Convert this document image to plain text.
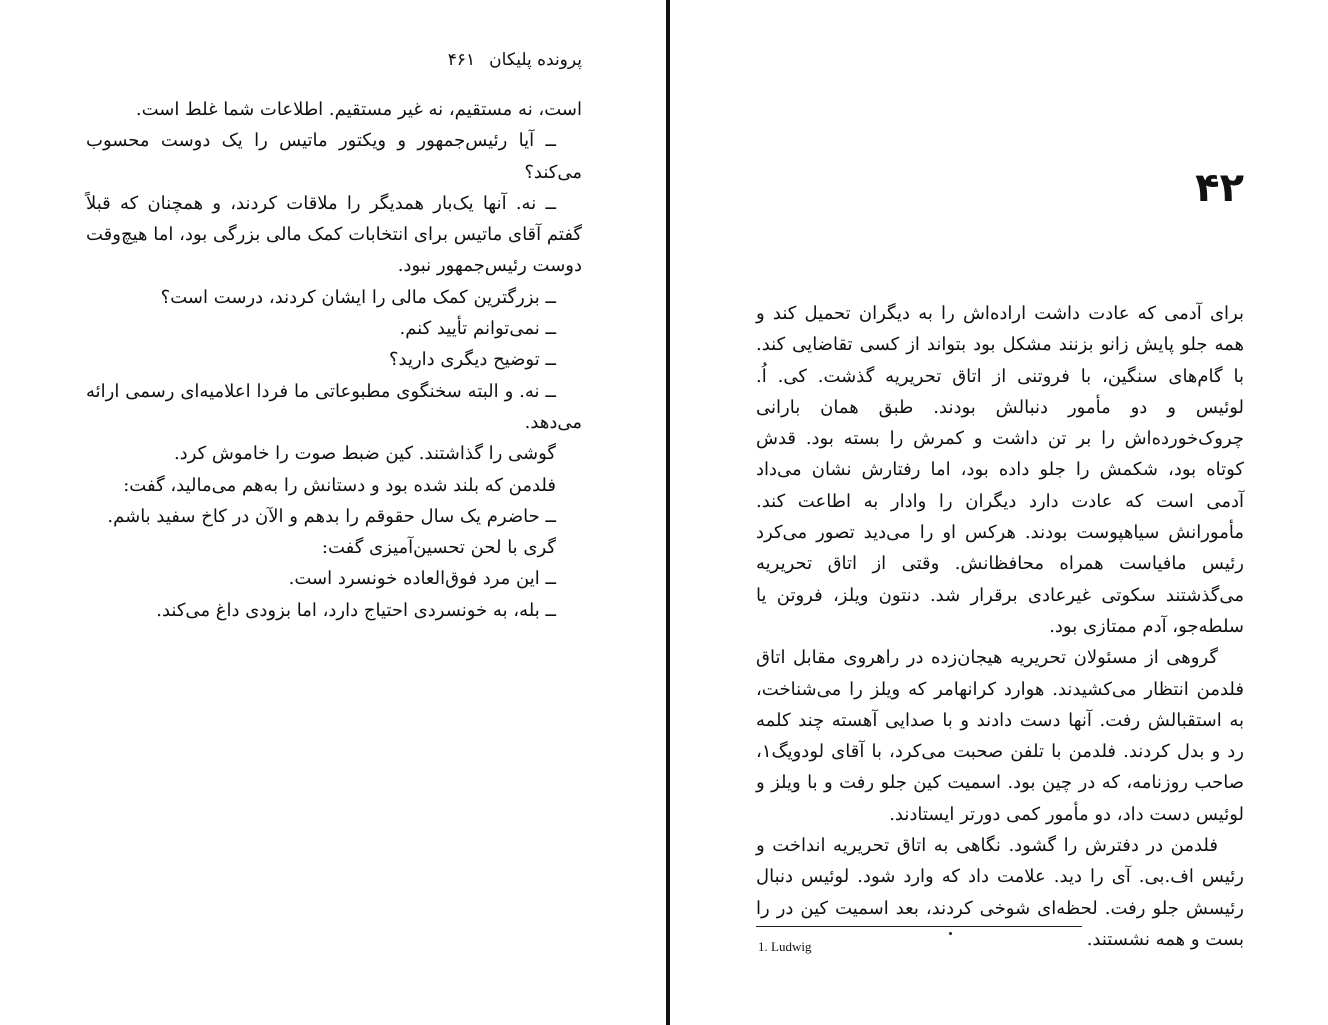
پرونده پلیکان۴۶۱

است، نه مستقیم، نه غیر مستقیم. اطلاعات شما غلط است.

ــ آیا رئیس‌جمهور و ویکتور ماتیس را یک دوست محسوب می‌کند؟

ــ نه. آنها یک‌بار همدیگر را ملاقات کردند، و همچنان که قبلاً گفتم آقای ماتیس برای انتخابات کمک مالی بزرگی بود، اما هیچ‌وقت دوست رئیس‌جمهور نبود.

ــ بزرگترین کمک مالی را ایشان کردند، درست است؟

ــ نمی‌توانم تأیید کنم.

ــ توضیح دیگری دارید؟

ــ نه. و البته سخنگوی مطبوعاتی ما فردا اعلامیه‌ای رسمی ارائه می‌دهد.

گوشی را گذاشتند. کین ضبط صوت را خاموش کرد.

فلدمن که بلند شده بود و دستانش را به‌هم می‌مالید، گفت:

ــ حاضرم یک سال حقوقم را بدهم و الآن در کاخ سفید باشم.

گری با لحن تحسین‌آمیزی گفت:

ــ این مرد فوق‌العاده خونسرد است.

ــ بله، به خونسردی احتیاج دارد، اما بزودی داغ می‌کند.

۴۲

برای آدمی که عادت داشت اراده‌اش را به دیگران تحمیل کند و همه جلو پایش زانو بزنند مشکل بود بتواند از کسی تقاضایی کند. با گام‌های سنگین، با فروتنی از اتاق تحریریه گذشت. کی. اُ. لوئیس و دو مأمور دنبالش بودند. طبق همان بارانی چروک‌خورده‌اش را بر تن داشت و کمرش را بسته بود. قدش کوتاه بود، شکمش را جلو داده بود، اما رفتارش نشان می‌داد آدمی است که عادت دارد دیگران را وادار به اطاعت کند. مأمورانش سیاهپوست بودند. هرکس او را می‌دید تصور می‌کرد رئیس مافیاست همراه محافظانش. وقتی از اتاق تحریریه می‌گذشتند سکوتی غیرعادی برقرار شد. دنتون ویلز، فروتن یا سلطه‌جو، آدم ممتازی بود.

گروهی از مسئولان تحریریه هیجان‌زده در راهروی مقابل اتاق فلدمن انتظار می‌کشیدند. هوارد کرانهامر که ویلز را می‌شناخت، به استقبالش رفت. آنها دست دادند و با صدایی آهسته چند کلمه رد و بدل کردند. فلدمن با تلفن صحبت می‌کرد، با آقای لودویگ۱، صاحب روزنامه، که در چین بود. اسمیت کین جلو رفت و با ویلز و لوئیس دست داد، دو مأمور کمی دورتر ایستادند.

فلدمن در دفترش را گشود. نگاهی به اتاق تحریریه انداخت و رئیس اف.بی. آی را دید. علامت داد که وارد شود. لوئیس دنبال رئیسش جلو رفت. لحظه‌ای شوخی کردند، بعد اسمیت کین در را بست و همه نشستند.

1. Ludwig
